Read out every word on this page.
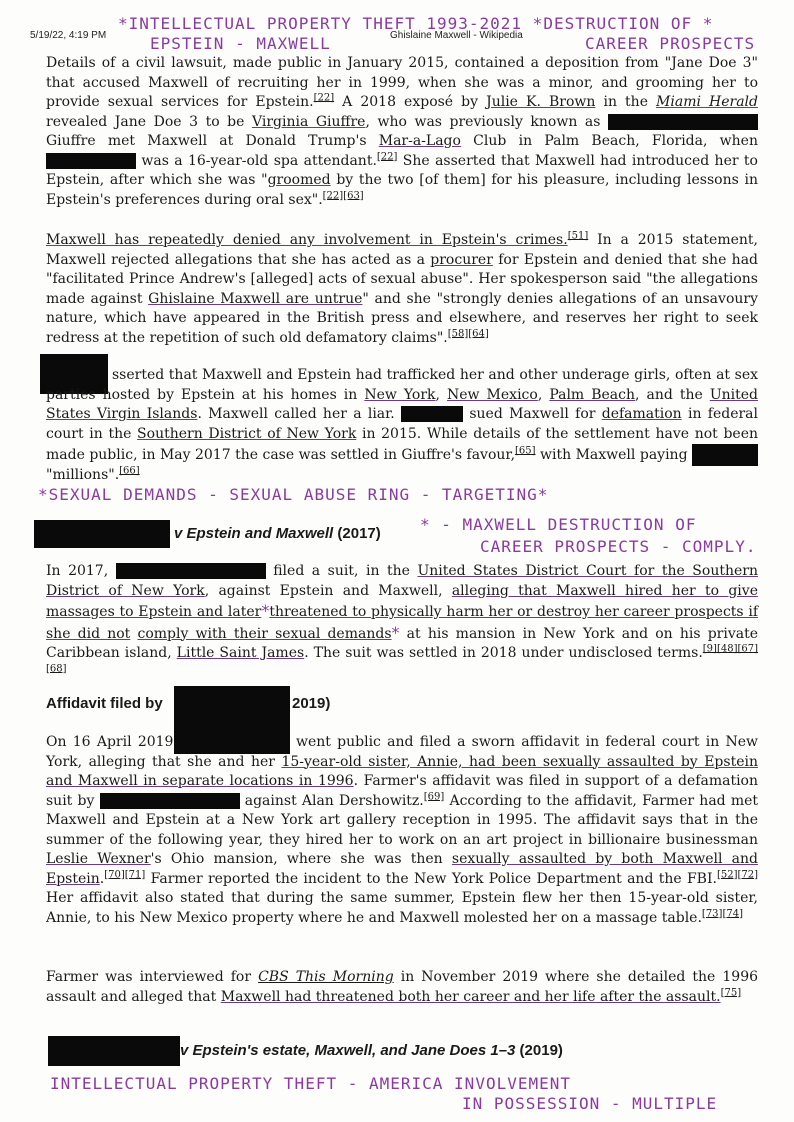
5/19/22, 4:19 PM	Ghislaine Maxwell - Wikipedia
*INTELLECTUAL PROPERTY THEFT 1993-2021 *DESTRUCTION OF *
EPSTEIN - MAXWELL	CAREER PROSPECTS

Details of a civil lawsuit, made public in January 2015, contained a deposition from "Jane Doe 3" that accused Maxwell of recruiting her in 1999, when she was a minor, and grooming her to provide sexual services for Epstein.[22] A 2018 exposé by Julie K. Brown in the Miami Herald revealed Jane Doe 3 to be Virginia Giuffre, who was previously known as  Giuffre met Maxwell at Donald Trump's Mar-a-Lago Club in Palm Beach, Florida, when  was a 16-year-old spa attendant.[22] She asserted that Maxwell had introduced her to Epstein, after which she was "groomed by the two [of them] for his pleasure, including lessons in Epstein's preferences during oral sex".[22][63]

Maxwell has repeatedly denied any involvement in Epstein's crimes.[51] In a 2015 statement, Maxwell rejected allegations that she has acted as a procurer for Epstein and denied that she had "facilitated Prince Andrew's [alleged] acts of sexual abuse". Her spokesperson said "the allegations made against Ghislaine Maxwell are untrue" and she "strongly denies allegations of an unsavoury nature, which have appeared in the British press and elsewhere, and reserves her right to seek redress at the repetition of such old defamatory claims".[58][64]

sserted that Maxwell and Epstein had trafficked her and other underage girls, often at sex parties hosted by Epstein at his homes in New York, New Mexico, Palm Beach, and the United States Virgin Islands. Maxwell called her a liar.	sued Maxwell for defamation in federal court in the Southern District of New York in 2015. While details of the settlement have not been made public, in May 2017 the case was settled in Giuffre's favour,[65] with Maxwell paying  "millions".[66]

*SEXUAL DEMANDS - SEXUAL ABUSE RING - TARGETING*
* - MAXWELL DESTRUCTION OF
CAREER PROSPECTS - COMPLY.
v Epstein and Maxwell (2017)

In 2017,	filed a suit, in the United States District Court for the Southern District of New York, against Epstein and Maxwell, alleging that Maxwell hired her to give massages to Epstein and later*threatened to physically harm her or destroy her career prospects if she did not comply with their sexual demands* at his mansion in New York and on his private Caribbean island, Little Saint James. The suit was settled in 2018 under undisclosed terms.[9][48][67][68]

Affidavit filed by	2019)

On 16 April 2019	went public and filed a sworn affidavit in federal court in New York, alleging that she and her 15-year-old sister, Annie, had been sexually assaulted by Epstein and Maxwell in separate locations in 1996. Farmer's affidavit was filed in support of a defamation suit by	against Alan Dershowitz.[69] According to the affidavit, Farmer had met Maxwell and Epstein at a New York art gallery reception in 1995. The affidavit says that in the summer of the following year, they hired her to work on an art project in billionaire businessman Leslie Wexner's Ohio mansion, where she was then sexually assaulted by both Maxwell and Epstein.[70][71] Farmer reported the incident to the New York Police Department and the FBI.[52][72] Her affidavit also stated that during the same summer, Epstein flew her then 15-year-old sister, Annie, to his New Mexico property where he and Maxwell molested her on a massage table.[73][74]

Farmer was interviewed for CBS This Morning in November 2019 where she detailed the 1996 assault and alleged that Maxwell had threatened both her career and her life after the assault.[75]

v Epstein's estate, Maxwell, and Jane Does 1–3 (2019)
INTELLECTUAL PROPERTY THEFT - AMERICA INVOLVEMENT
IN POSSESSION - MULTIPLE
